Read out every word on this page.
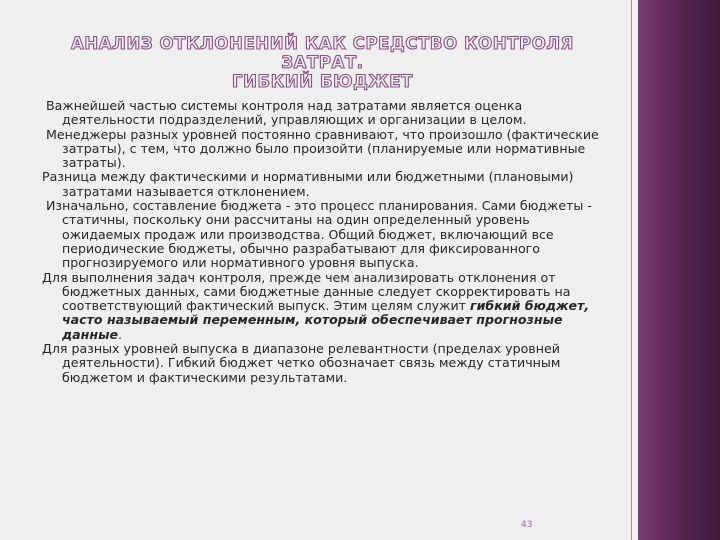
АНАЛИЗ ОТКЛОНЕНИЙ КАК СРЕДСТВО КОНТРОЛЯ ЗАТРАТ.
ГИБКИЙ БЮДЖЕТ

Важнейшей частью системы контроля над затратами является оценка деятельности подразделений, управляющих и организации в целом.

Менеджеры разных уровней постоянно сравнивают, что произошло (фактические затраты), с тем, что должно было произойти (планируемые или нормативные затраты).

Разница между фактическими и нормативными или бюджетными (плановыми) затратами называется отклонением.

Изначально, составление бюджета - это процесс планирования. Сами бюджеты - статичны, поскольку они рассчитаны на один определенный уровень ожидаемых продаж или производства. Общий бюджет, включающий все периодические бюджеты, обычно разрабатывают для фиксированного прогнозируемого или нормативного уровня выпуска.

Для выполнения задач контроля, прежде чем анализировать отклонения от бюджетных данных, сами бюджетные данные следует скорректировать на соответствующий фактический выпуск. Этим целям служит гибкий бюджет, часто называемый переменным, который обеспечивает прогнозные данные.

Для разных уровней выпуска в диапазоне релевантности (пределах уровней деятельности). Гибкий бюджет четко обозначает связь между статичным бюджетом и фактическими результатами.

43
